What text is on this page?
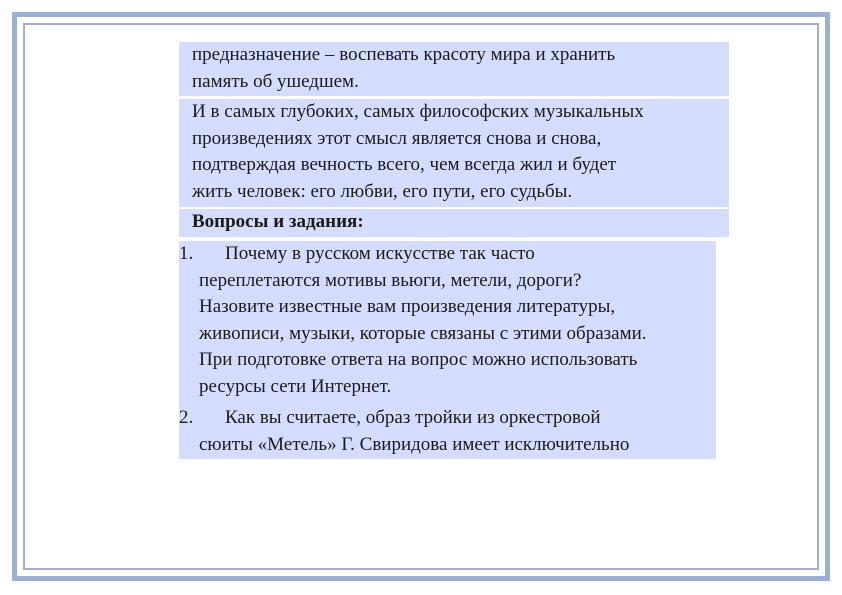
предназначение – воспевать красоту мира и хранить
память об ушедшем.
И в самых глубоких, самых философских музыкальных
произведениях этот смысл является снова и снова,
подтверждая вечность всего, чем всегда жил и будет
жить человек: его любви, его пути, его судьбы.
Вопросы и задания:
1. Почему в русском искусстве так часто
переплетаются мотивы вьюги, метели, дороги?
Назовите известные вам произведения литературы,
живописи, музыки, которые связаны с этими образами.
При подготовке ответа на вопрос можно использовать
ресурсы сети Интернет.
2. Как вы считаете, образ тройки из оркестровой
сюиты «Метель» Г. Свиридова имеет исключительно
